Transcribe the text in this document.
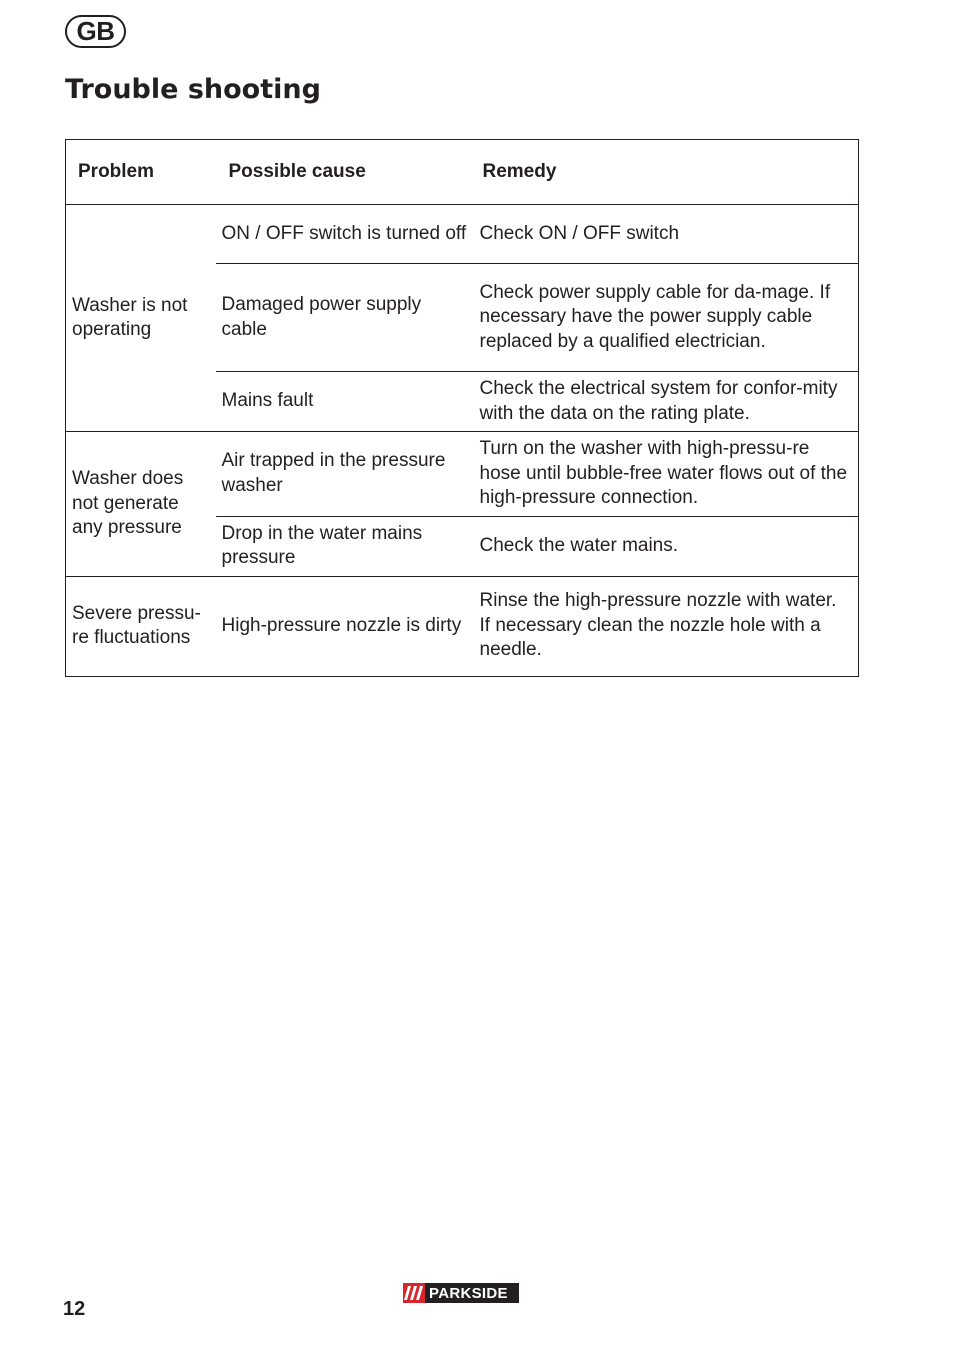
GB
Trouble shooting
Problem	Possible cause	Remedy
Washer is not operating	ON / OFF switch is turned off	Check ON / OFF switch
	Damaged power supply cable	Check power supply cable for da-mage. If necessary have the power supply cable replaced by a qualified electrician.
	Mains fault	Check the electrical system for confor-mity with the data on the rating plate.
Washer does not generate any pressure	Air trapped in the pressure washer	Turn on the washer with high-pressu-re hose until bubble-free water flows out of the high-pressure connection.
	Drop in the water mains pressure	Check the water mains.
Severe pressu-re fluctuations	High-pressure nozzle is dirty	Rinse the high-pressure nozzle with water. If necessary clean the nozzle hole with a needle.
12
PARKSIDE
